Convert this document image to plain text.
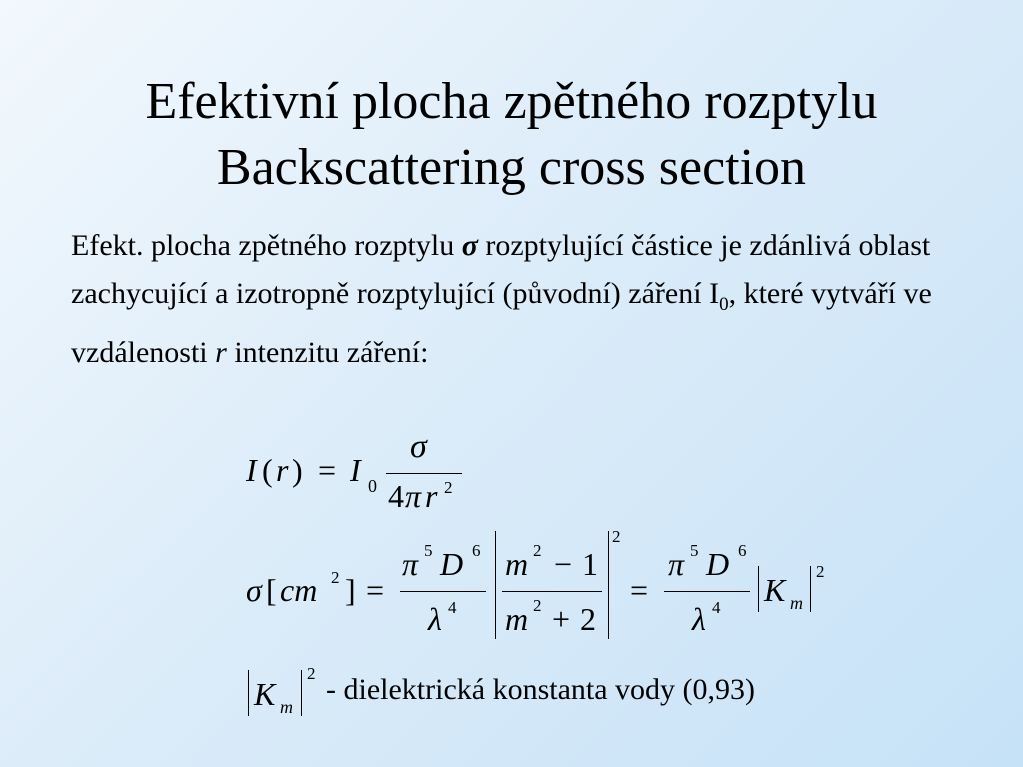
Efektivní plocha zpětného rozptylu
Backscattering cross section
Efekt. plocha zpětného rozptylu σ rozptylující částice je zdánlivá oblast zachycující a izotropně rozptylující (původní) záření $I_0$, které vytváří ve vzdálenosti r intenzitu záření:
I ( r ) = I 0
σ
4 π r 2
σ [ cm 2 ] =
π 5 D 6
λ 4
m 2 − 1
m 2 + 2
2
=
π 5 D 6
λ 4 K m
2
K m
2 - dielektrická konstanta vody (0,93)
